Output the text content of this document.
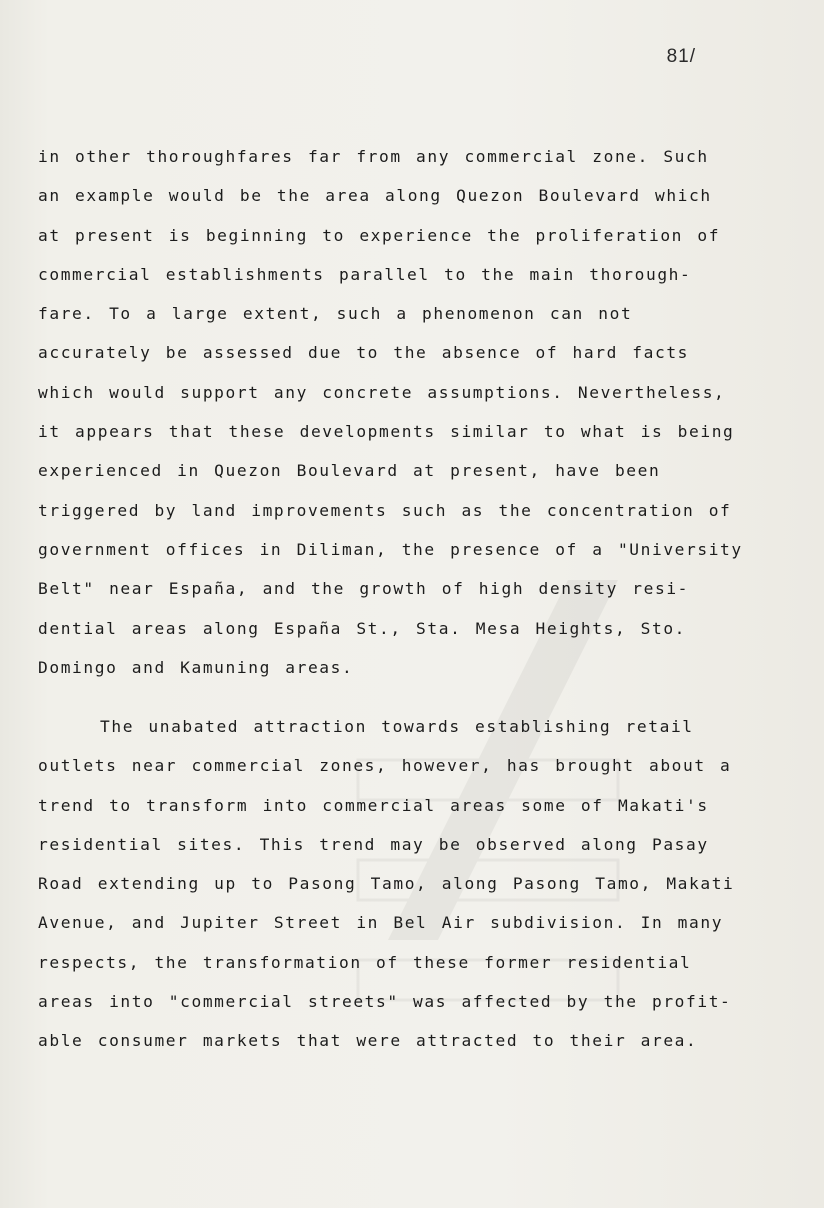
81/
in other thoroughfares far from any commercial zone. Such
an example would be the area along Quezon Boulevard which
at present is beginning to experience the proliferation of
commercial establishments parallel to the main thorough-
fare. To a large extent, such a phenomenon can not
accurately be assessed due to the absence of hard facts
which would support any concrete assumptions. Nevertheless,
it appears that these developments similar to what is being
experienced in Quezon Boulevard at present, have been
triggered by land improvements such as the concentration of
government offices in Diliman, the presence of a "University
Belt" near España, and the growth of high density resi-
dential areas along España St., Sta. Mesa Heights, Sto.
Domingo and Kamuning areas.
The unabated attraction towards establishing retail
outlets near commercial zones, however, has brought about a
trend to transform into commercial areas some of Makati's
residential sites. This trend may be observed along Pasay
Road extending up to Pasong Tamo, along Pasong Tamo, Makati
Avenue, and Jupiter Street in Bel Air subdivision. In many
respects, the transformation of these former residential
areas into "commercial streets" was affected by the profit-
able consumer markets that were attracted to their area.
